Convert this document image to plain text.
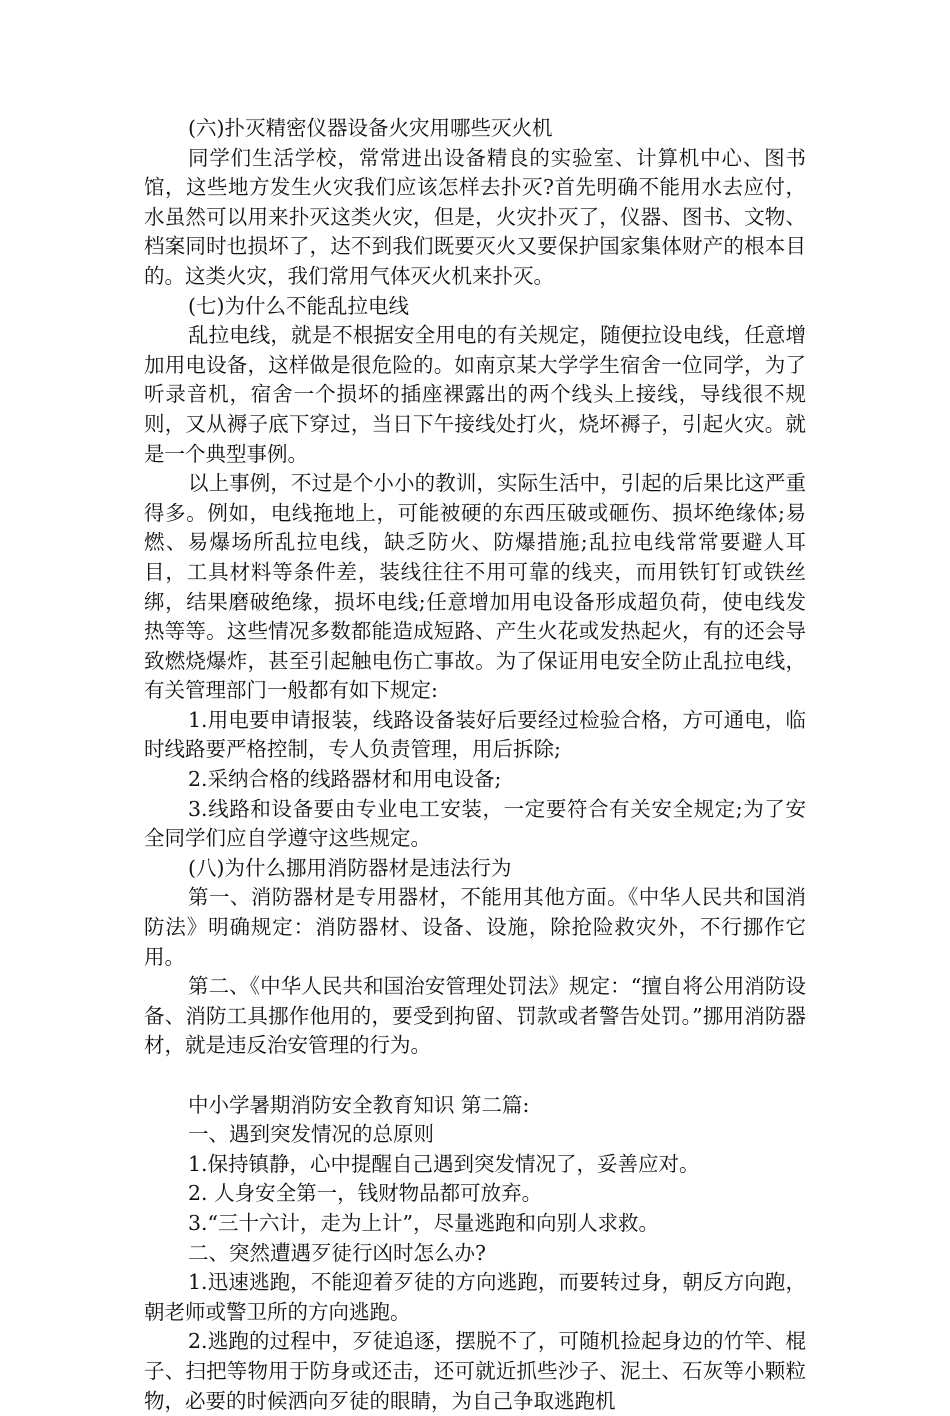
(六)扑灭精密仪器设备火灾用哪些灭火机

同学们生活学校，常常进出设备精良的实验室、计算机中心、图书馆，这些地方发生火灾我们应该怎样去扑灭?首先明确不能用水去应付，水虽然可以用来扑灭这类火灾，但是，火灾扑灭了，仪器、图书、文物、档案同时也损坏了，达不到我们既要灭火又要保护国家集体财产的根本目的。这类火灾，我们常用气体灭火机来扑灭。

(七)为什么不能乱拉电线

乱拉电线，就是不根据安全用电的有关规定，随便拉设电线，任意增加用电设备，这样做是很危险的。如南京某大学学生宿舍一位同学，为了听录音机，宿舍一个损坏的插座裸露出的两个线头上接线，导线很不规则，又从褥子底下穿过，当日下午接线处打火，烧坏褥子，引起火灾。就是一个典型事例。

以上事例，不过是个小小的教训，实际生活中，引起的后果比这严重得多。例如，电线拖地上，可能被硬的东西压破或砸伤、损坏绝缘体;易燃、易爆场所乱拉电线，缺乏防火、防爆措施;乱拉电线常常要避人耳目，工具材料等条件差，装线往往不用可靠的线夹，而用铁钉钉或铁丝绑，结果磨破绝缘，损坏电线;任意增加用电设备形成超负荷，使电线发热等等。这些情况多数都能造成短路、产生火花或发热起火，有的还会导致燃烧爆炸，甚至引起触电伤亡事故。为了保证用电安全防止乱拉电线，有关管理部门一般都有如下规定:

1.用电要申请报装，线路设备装好后要经过检验合格，方可通电，临时线路要严格控制，专人负责管理，用后拆除;

2.采纳合格的线路器材和用电设备;

3.线路和设备要由专业电工安装，一定要符合有关安全规定;为了安全同学们应自学遵守这些规定。

(八)为什么挪用消防器材是违法行为

第一、消防器材是专用器材，不能用其他方面。《中华人民共和国消防法》明确规定：消防器材、设备、设施，除抢险救灾外，不行挪作它用。

第二、《中华人民共和国治安管理处罚法》规定：“擅自将公用消防设备、消防工具挪作他用的，要受到拘留、罚款或者警告处罚。”挪用消防器材，就是违反治安管理的行为。

中小学暑期消防安全教育知识 第二篇:

一、遇到突发情况的总原则

1.保持镇静，心中提醒自己遇到突发情况了，妥善应对。

2. 人身安全第一，钱财物品都可放弃。

3.“三十六计，走为上计”，尽量逃跑和向别人求救。

二、突然遭遇歹徒行凶时怎么办?

1.迅速逃跑，不能迎着歹徒的方向逃跑，而要转过身，朝反方向跑，朝老师或警卫所的方向逃跑。

2.逃跑的过程中，歹徒追逐，摆脱不了，可随机捡起身边的竹竿、棍子、扫把等物用于防身或还击，还可就近抓些沙子、泥土、石灰等小颗粒物，必要的时候洒向歹徒的眼睛，为自己争取逃跑机
